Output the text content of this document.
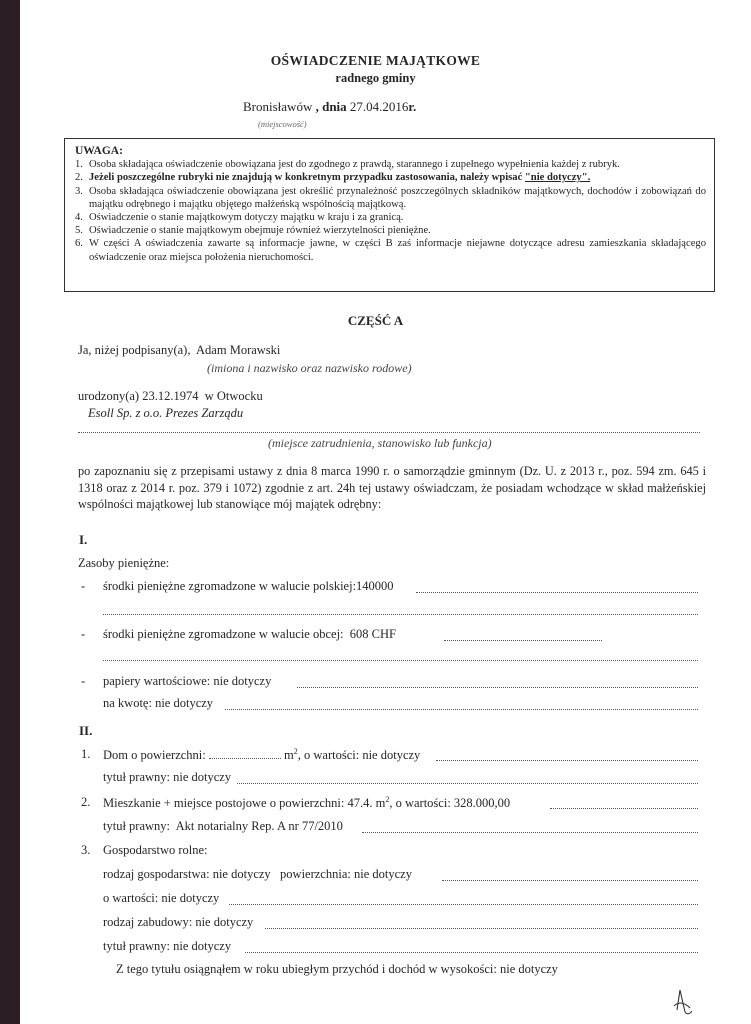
OŚWIADCZENIE MAJĄTKOWE
radnego gminy
Bronisławów , dnia 27.04.2016r.
(miejscowość)
UWAGA:
1. Osoba składająca oświadczenie obowiązana jest do zgodnego z prawdą, starannego i zupełnego wypełnienia każdej z rubryk.
2. Jeżeli poszczególne rubryki nie znajdują w konkretnym przypadku zastosowania, należy wpisać "nie dotyczy".
3. Osoba składająca oświadczenie obowiązana jest określić przynależność poszczególnych składników majątkowych, dochodów i zobowiązań do majątku odrębnego i majątku objętego małżeńską wspólnością majątkową.
4. Oświadczenie o stanie majątkowym dotyczy majątku w kraju i za granicą.
5. Oświadczenie o stanie majątkowym obejmuje również wierzytelności pieniężne.
6. W części A oświadczenia zawarte są informacje jawne, w części B zaś informacje niejawne dotyczące adresu zamieszkania składającego oświadczenie oraz miejsca położenia nieruchomości.
CZĘŚĆ A
Ja, niżej podpisany(a), Adam Morawski
(imiona i nazwisko oraz nazwisko rodowe)
urodzony(a) 23.12.1974 w Otwocku
Esoll Sp. z o.o. Prezes Zarządu
(miejsce zatrudnienia, stanowisko lub funkcja)
po zapoznaniu się z przepisami ustawy z dnia 8 marca 1990 r. o samorządzie gminnym (Dz. U. z 2013 r., poz. 594 zm. 645 i 1318 oraz z 2014 r. poz. 379 i 1072) zgodnie z art. 24h tej ustawy oświadczam, że posiadam wchodzące w skład małżeńskiej wspólności majątkowej lub stanowiące mój majątek odrębny:
I.
Zasoby pieniężne:
- środki pieniężne zgromadzone w walucie polskiej:140000
- środki pieniężne zgromadzone w walucie obcej: 608 CHF
- papiery wartościowe: nie dotyczy
na kwotę: nie dotyczy
II.
1. Dom o powierzchni:	$m^2$, o wartości: nie dotyczy
tytuł prawny: nie dotyczy
2. Mieszkanie + miejsce postojowe o powierzchni: 47.4. $m^2$, o wartości: 328.000,00
tytuł prawny: Akt notarialny Rep. A nr 77/2010
3. Gospodarstwo rolne:
rodzaj gospodarstwa: nie dotyczy powierzchnia: nie dotyczy
o wartości: nie dotyczy
rodzaj zabudowy: nie dotyczy
tytuł prawny: nie dotyczy
Z tego tytułu osiągnąłem w roku ubiegłym przychód i dochód w wysokości: nie dotyczy
